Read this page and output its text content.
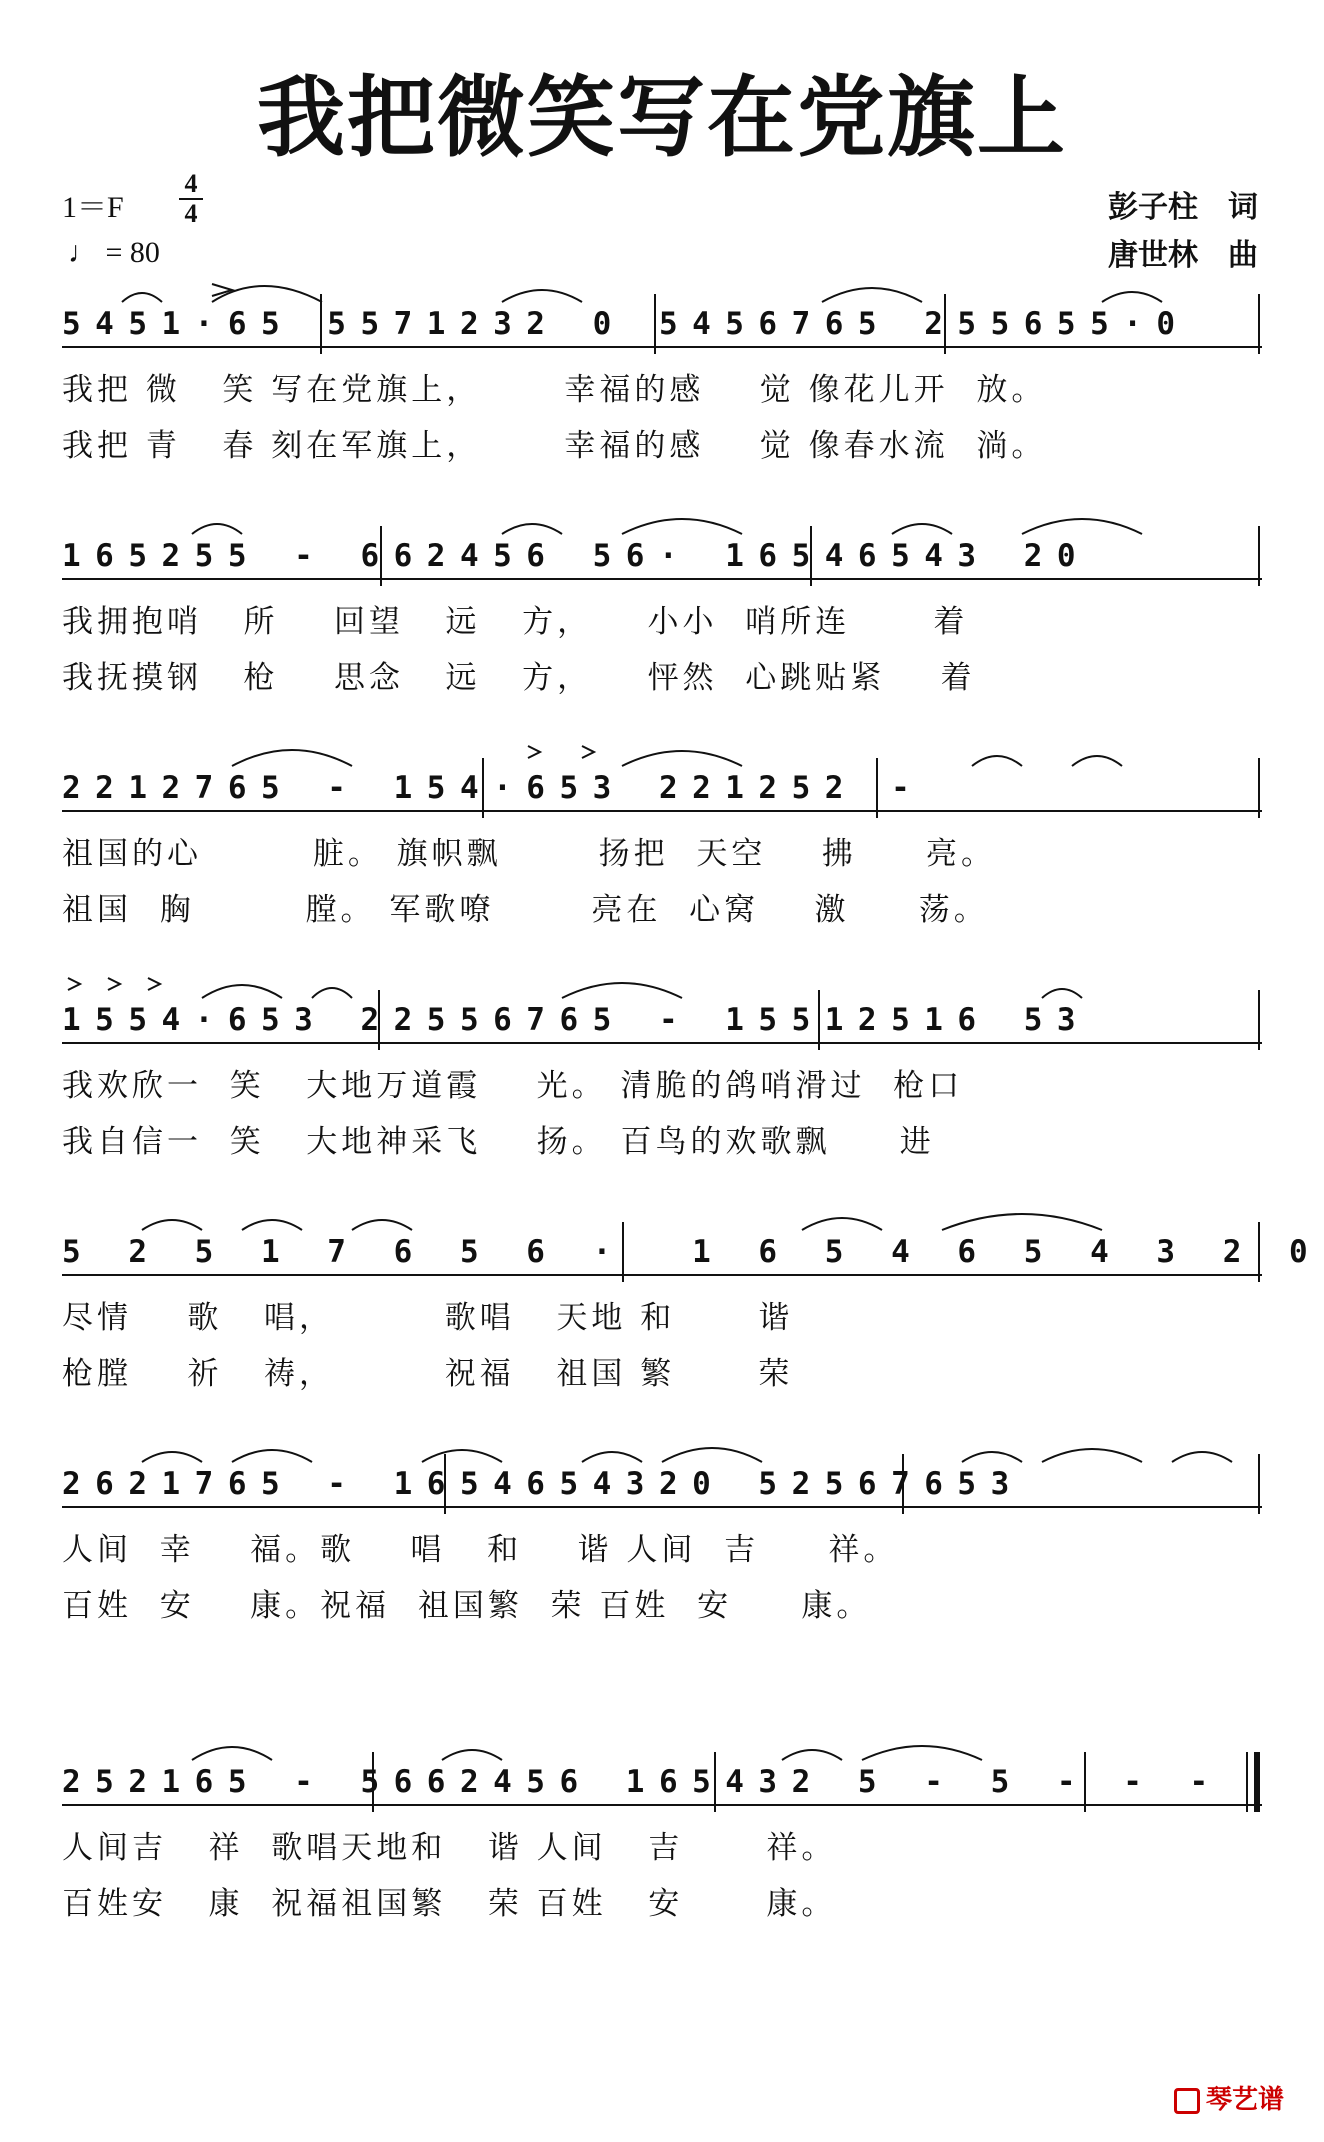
我把微笑写在党旗上
1＝F
4
4
♩ = 80
彭子柱　词
唐世林　曲
5451·65 5571232 0 5456765 255655·0
我把 微   笑 写在党旗上，      幸福的感    觉 像花儿开  放。
我把 青   春 刻在军旗上，      幸福的感    觉 像春水流  淌。
165255 - 662456 56· 16546543 20
我拥抱哨   所    回望   远   方，    小小  哨所连      着
我抚摸钢   枪    思念   远   方，    怦然  心跳贴紧    着
2212765 - 154·653 221252 -
祖国的心        脏。 旗帜飘       扬把  天空    拂     亮。
祖国  胸        膛。 军歌嘹       亮在  心窝    激     荡。
1554·653 22556765 - 15512516 53
我欢欣一  笑   大地万道霞    光。 清脆的鸽哨滑过  枪口
我自信一  笑   大地神采飞    扬。 百鸟的欢歌飘     进
5 2 5 1 7 6 5 6 ·  1 6 5 4 6 5 4 3 2 0
尽情    歌   唱，        歌唱   天地 和      谐
枪膛    祈   祷，        祝福   祖国 繁      荣
2621765 - 1654654320 52567653
人间  幸    福。歌    唱   和    谐 人间  吉     祥。
百姓  安    康。祝福  祖国繁  荣 百姓  安     康。
252165 - 5662456 165432 5 - 5 - - -
人间吉   祥  歌唱天地和   谐 人间   吉      祥。
百姓安   康  祝福祖国繁   荣 百姓   安      康。
琴艺谱
